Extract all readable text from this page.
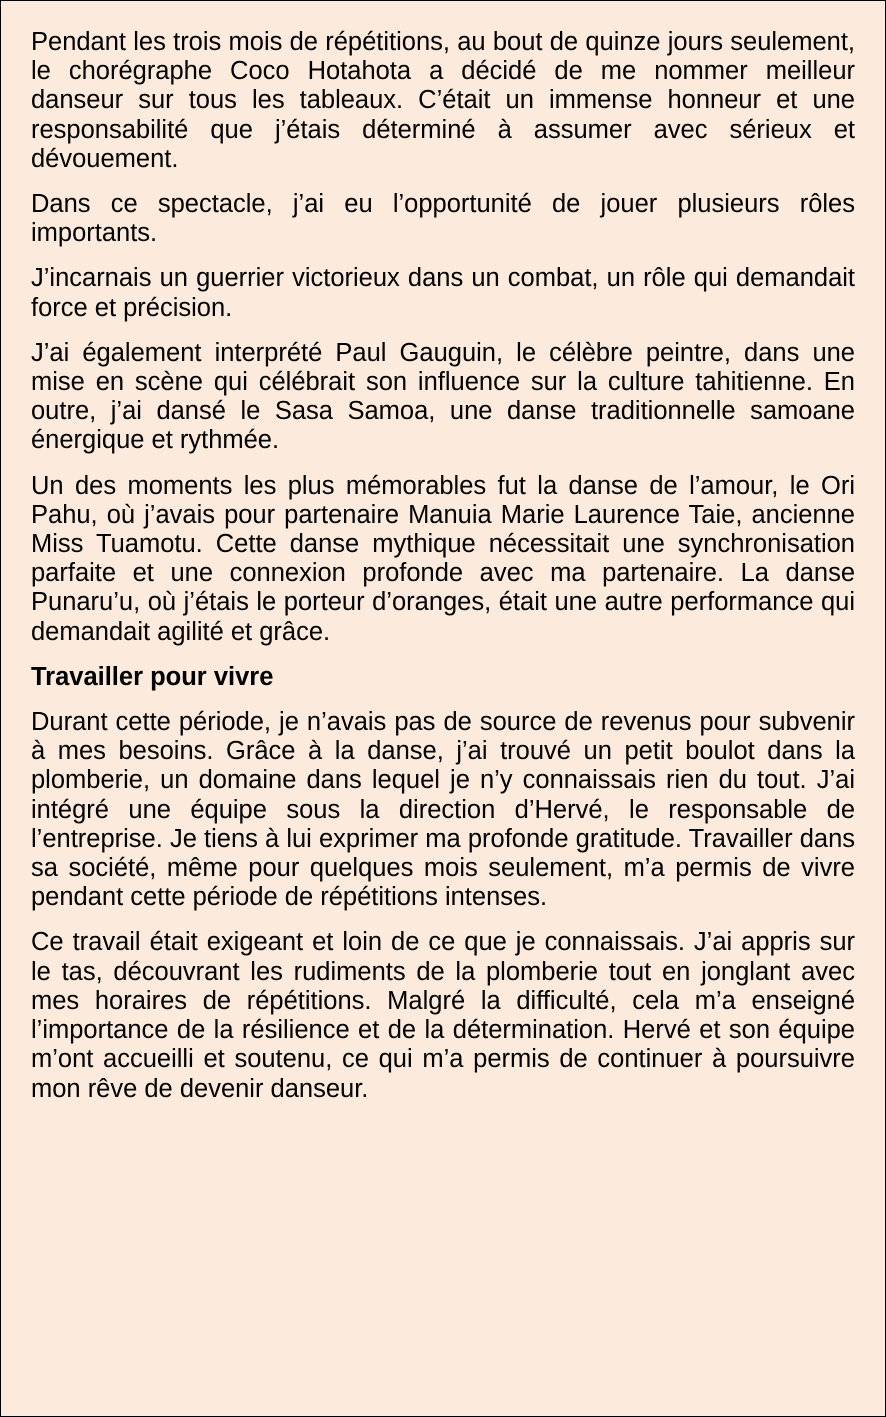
Pendant les trois mois de répétitions, au bout de quinze jours seulement, le chorégraphe Coco Hotahota a décidé de me nommer meilleur danseur sur tous les tableaux. C’était un immense honneur et une responsabilité que j’étais déterminé à assumer avec sérieux et dévouement.

Dans ce spectacle, j’ai eu l’opportunité de jouer plusieurs rôles importants.

J’incarnais un guerrier victorieux dans un combat, un rôle qui demandait force et précision.

J’ai également interprété Paul Gauguin, le célèbre peintre, dans une mise en scène qui célébrait son influence sur la culture tahitienne. En outre, j’ai dansé le Sasa Samoa, une danse traditionnelle samoane énergique et rythmée.

Un des moments les plus mémorables fut la danse de l’amour, le Ori Pahu, où j’avais pour partenaire Manuia Marie Laurence Taie, ancienne Miss Tuamotu. Cette danse mythique nécessitait une synchronisation parfaite et une connexion profonde avec ma partenaire. La danse Punaru’u, où j’étais le porteur d’oranges, était une autre performance qui demandait agilité et grâce.

Travailler pour vivre

Durant cette période, je n’avais pas de source de revenus pour subvenir à mes besoins. Grâce à la danse, j’ai trouvé un petit boulot dans la plomberie, un domaine dans lequel je n’y connaissais rien du tout. J’ai intégré une équipe sous la direction d’Hervé, le responsable de l’entreprise. Je tiens à lui exprimer ma profonde gratitude. Travailler dans sa société, même pour quelques mois seulement, m’a permis de vivre pendant cette période de répétitions intenses.

Ce travail était exigeant et loin de ce que je connaissais. J’ai appris sur le tas, découvrant les rudiments de la plomberie tout en jonglant avec mes horaires de répétitions. Malgré la difficulté, cela m’a enseigné l’importance de la résilience et de la détermination. Hervé et son équipe m’ont accueilli et soutenu, ce qui m’a permis de continuer à poursuivre mon rêve de devenir danseur.
